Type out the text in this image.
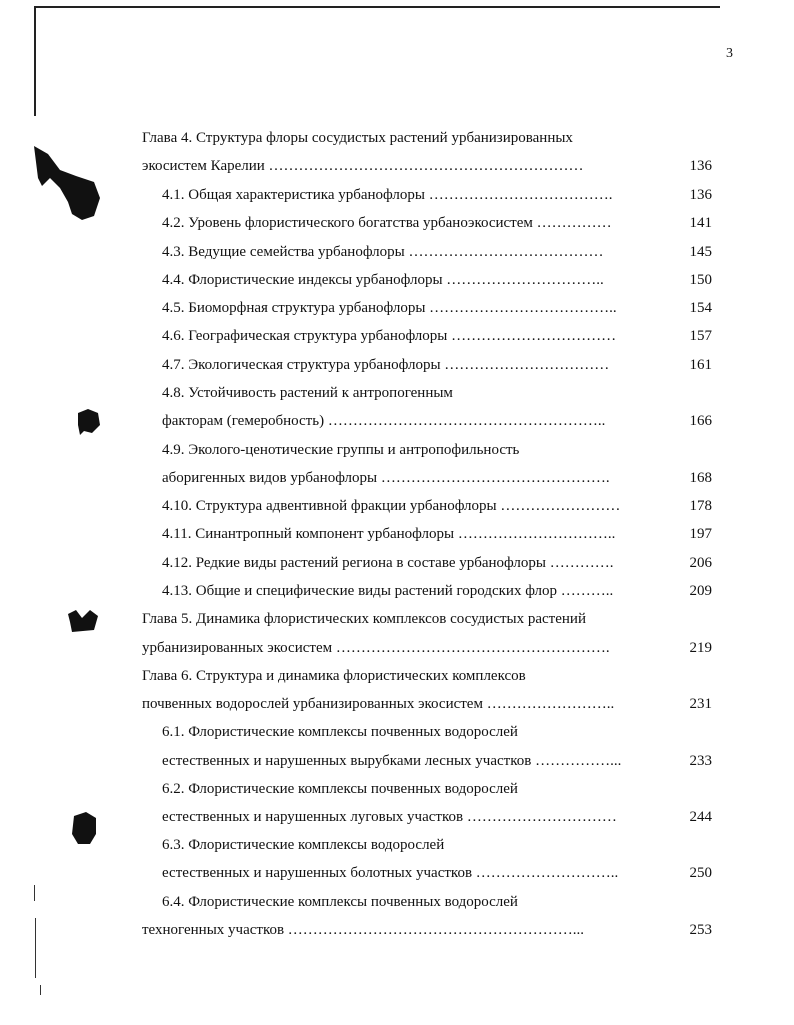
3
Глава 4. Структура флоры сосудистых растений урбанизированных
экосистем Карелии ………………………………………………………	136
4.1. Общая характеристика урбанофлоры ……………………………….	136
4.2. Уровень флористического богатства урбаноэкосистем ……………	141
4.3. Ведущие семейства урбанофлоры …………………………………	145
4.4. Флористические индексы урбанофлоры …………………………..	150
4.5. Биоморфная структура урбанофлоры ………………………………..	154
4.6. Географическая структура урбанофлоры ……………………………	157
4.7. Экологическая структура урбанофлоры ……………………………	161
4.8. Устойчивость растений к антропогенным
факторам (гемеробность) ………………………………………………..	166
4.9. Эколого-ценотические группы и антропофильность
аборигенных видов урбанофлоры ……………………………………….	168
4.10. Структура адвентивной фракции урбанофлоры ……………………	178
4.11. Синантропный компонент урбанофлоры …………………………..	197
4.12. Редкие виды растений региона в составе урбанофлоры ………….	206
4.13. Общие и специфические виды растений городских флор ………..	209
Глава 5. Динамика флористических комплексов сосудистых растений
урбанизированных экосистем ……………………………………………….	219
Глава 6. Структура и динамика флористических комплексов
почвенных водорослей урбанизированных экосистем ……………………..	231
6.1. Флористические комплексы почвенных водорослей
естественных и нарушенных вырубками лесных участков ……………...	233
6.2. Флористические комплексы почвенных водорослей
естественных и нарушенных луговых участков …………………………	244
6.3. Флористические комплексы водорослей
естественных и нарушенных болотных участков ………………………..	250
6.4. Флористические комплексы почвенных водорослей
техногенных участков …………………………………………………...	253
